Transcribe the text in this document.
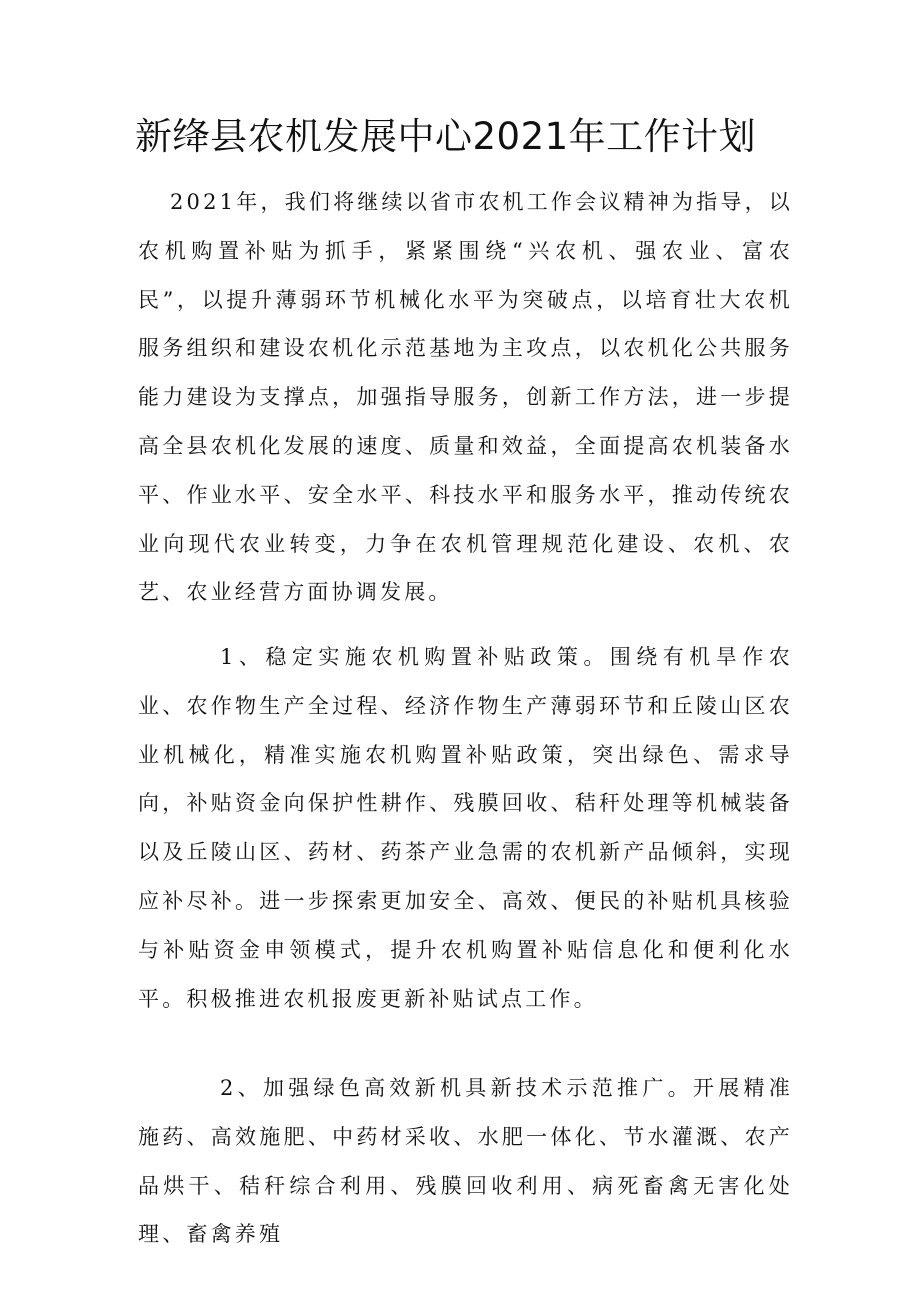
新绛县农机发展中心2021年工作计划

2021年，我们将继续以省市农机工作会议精神为指导，以农机购置补贴为抓手，紧紧围绕“兴农机、强农业、富农民”，以提升薄弱环节机械化水平为突破点，以培育壮大农机服务组织和建设农机化示范基地为主攻点，以农机化公共服务能力建设为支撑点，加强指导服务，创新工作方法，进一步提高全县农机化发展的速度、质量和效益，全面提高农机装备水平、作业水平、安全水平、科技水平和服务水平，推动传统农业向现代农业转变，力争在农机管理规范化建设、农机、农艺、农业经营方面协调发展。

1、稳定实施农机购置补贴政策。围绕有机旱作农业、农作物生产全过程、经济作物生产薄弱环节和丘陵山区农业机械化，精准实施农机购置补贴政策，突出绿色、需求导向，补贴资金向保护性耕作、残膜回收、秸秆处理等机械装备以及丘陵山区、药材、药茶产业急需的农机新产品倾斜，实现应补尽补。进一步探索更加安全、高效、便民的补贴机具核验与补贴资金申领模式，提升农机购置补贴信息化和便利化水平。积极推进农机报废更新补贴试点工作。

2、加强绿色高效新机具新技术示范推广。开展精准施药、高效施肥、中药材采收、水肥一体化、节水灌溉、农产品烘干、秸秆综合利用、残膜回收利用、病死畜禽无害化处理、畜禽养殖
